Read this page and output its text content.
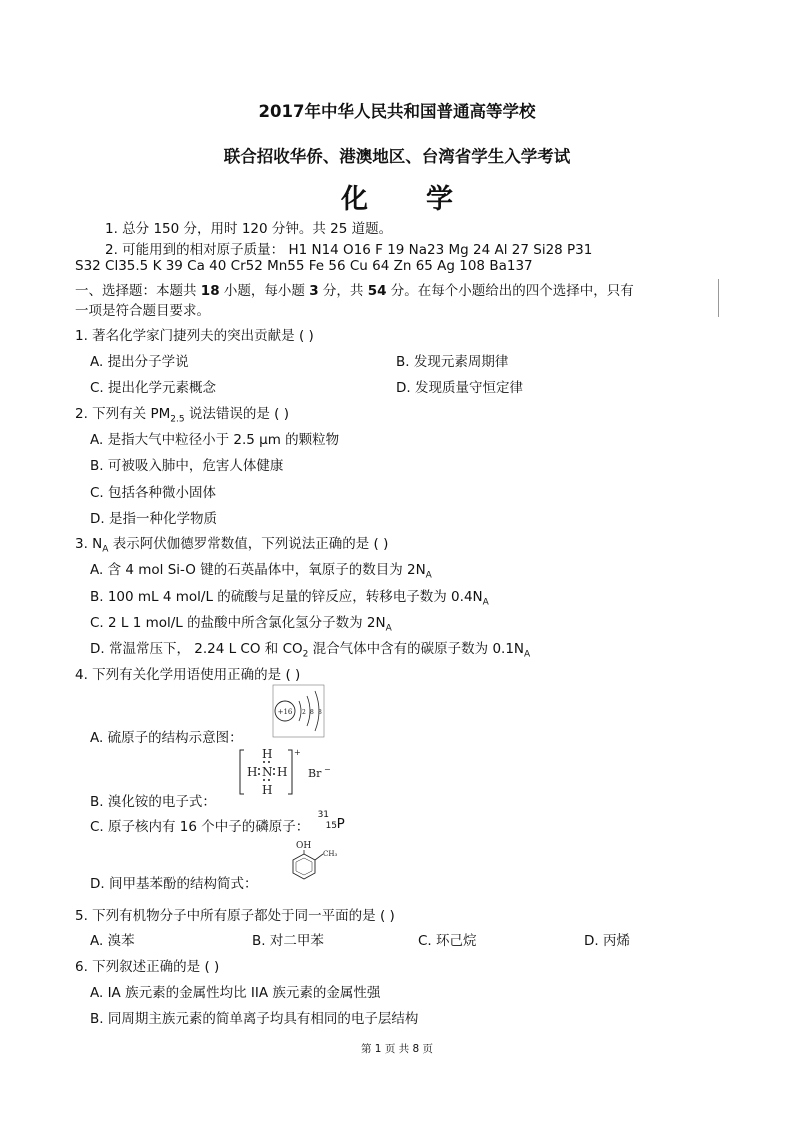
2017年中华人民共和国普通高等学校
联合招收华侨、港澳地区、台湾省学生入学考试
化学
1. 总分 150 分，用时 120 分钟。共 25 道题。
2. 可能用到的相对原子质量： H1 N14 O16 F 19 Na23 Mg 24 Al 27 Si28 P31
S32 Cl35.5 K 39 Ca 40 Cr52 Mn55 Fe 56 Cu 64 Zn 65 Ag 108 Ba137
一、选择题：本题共 18 小题，每小题 3 分，共 54 分。在每个小题给出的四个选择中，只有
一项是符合题目要求。
1. 著名化学家门捷列夫的突出贡献是 ( )
A. 提出分子学说	B. 发现元素周期律
C. 提出化学元素概念	D. 发现质量守恒定律
2. 下列有关 $PM_{2.5}$ 说法错误的是 ( )
A. 是指大气中粒径小于 2.5 μm 的颗粒物
B. 可被吸入肺中，危害人体健康
C. 包括各种微小固体
D. 是指一种化学物质
3. $N_A$ 表示阿伏伽德罗常数值，下列说法正确的是 ( )
A. 含 4 mol Si-O 键的石英晶体中，氧原子的数目为 $2N_A$
B. 100 mL 4 mol/L 的硫酸与足量的锌反应，转移电子数为 $0.4N_A$
C. 2 L 1 mol/L 的盐酸中所含氯化氢分子数为 $2N_A$
D. 常温常压下， 2.24 L CO 和 $CO_2$ 混合气体中含有的碳原子数为 $0.1N_A$
4. 下列有关化学用语使用正确的是 ( )
+16 2 8 8
A. 硫原子的结构示意图：
+
H
H N H
H
Br −
B. 溴化铵的电子式：
C. 原子核内有 16 个中子的磷原子：
31
15 P
OH
CH₃
D. 间甲基苯酚的结构简式：
5. 下列有机物分子中所有原子都处于同一平面的是 ( )
A. 溴苯	B. 对二甲苯	C. 环己烷	D. 丙烯
6. 下列叙述正确的是 ( )
A. IA 族元素的金属性均比 IIA 族元素的金属性强
B. 同周期主族元素的简单离子均具有相同的电子层结构
第 1 页 共 8 页
